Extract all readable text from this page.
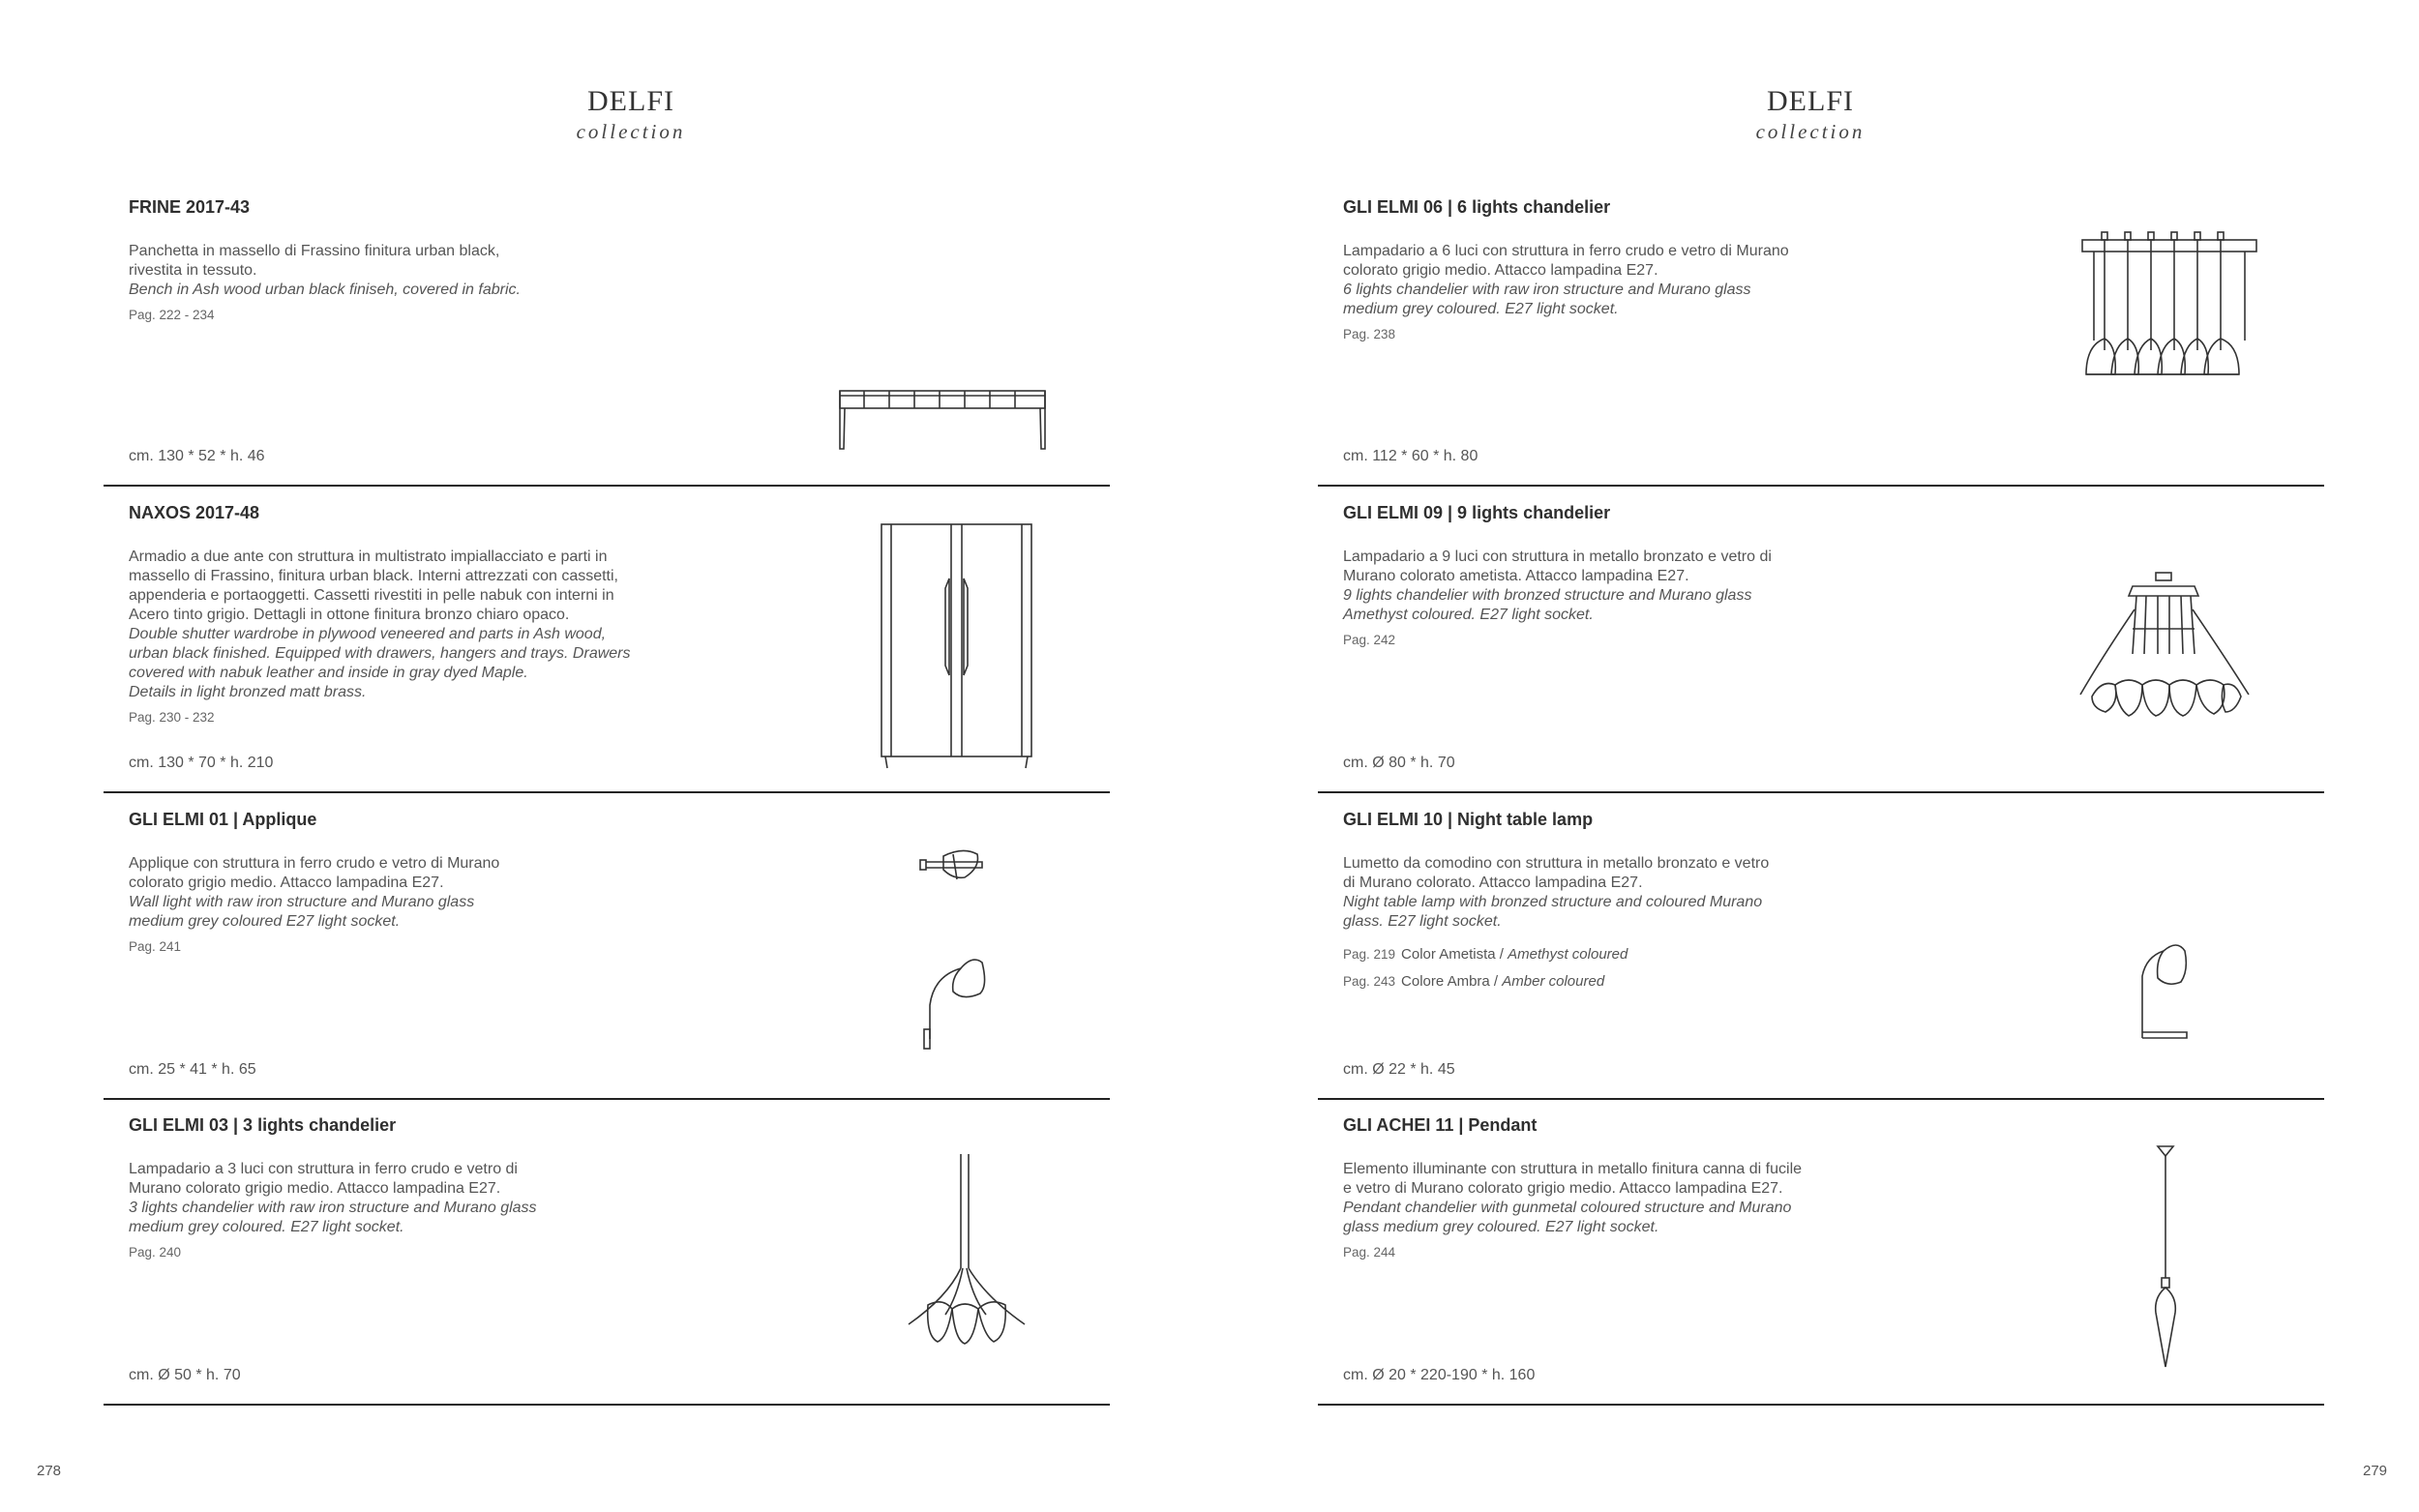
DELFI
collection
FRINE 2017-43

Panchetta in massello di Frassino finitura urban black,
rivestita in tessuto.

Bench in Ash wood urban black finiseh, covered in fabric.

Pag. 222 - 234
cm. 130 * 52 * h. 46
NAXOS 2017-48

Armadio a due ante con struttura in multistrato impiallacciato e parti in
massello di Frassino, finitura urban black. Interni attrezzati con cassetti,
appenderia e portaoggetti. Cassetti rivestiti in pelle nabuk con interni in
Acero tinto grigio. Dettagli in ottone finitura bronzo chiaro opaco.

Double shutter wardrobe in plywood veneered and parts in Ash wood,
urban black finished. Equipped with drawers, hangers and trays. Drawers
covered with nabuk leather and inside in gray dyed Maple.
Details in light bronzed matt brass.

Pag. 230 - 232
cm. 130 * 70 * h. 210
GLI ELMI 01 | Applique

Applique con struttura in ferro crudo e vetro di Murano
colorato grigio medio. Attacco lampadina E27.

Wall light with raw iron structure and Murano glass
medium grey coloured E27 light socket.

Pag. 241
cm. 25 * 41 * h. 65
GLI ELMI 03 | 3 lights chandelier

Lampadario a 3 luci con struttura in ferro crudo e vetro di
Murano colorato grigio medio. Attacco lampadina E27.

3 lights chandelier with raw iron structure and Murano glass
medium grey coloured. E27 light socket.

Pag. 240
cm. Ø 50 * h. 70
278
DELFI
collection
GLI ELMI 06 | 6 lights chandelier

Lampadario a 6 luci con struttura in ferro crudo e vetro di Murano
colorato grigio medio. Attacco lampadina E27.

6 lights chandelier with raw iron structure and Murano glass
medium grey coloured. E27 light socket.

Pag. 238
cm. 112 * 60 * h. 80
GLI ELMI 09 | 9 lights chandelier

Lampadario a 9 luci con struttura in metallo bronzato e vetro di
Murano colorato ametista. Attacco lampadina E27.

9 lights chandelier with bronzed structure and Murano glass
Amethyst coloured. E27 light socket.

Pag. 242
cm. Ø 80 * h. 70
GLI ELMI 10 | Night table lamp

Lumetto da comodino con struttura in metallo bronzato e vetro
di Murano colorato. Attacco lampadina E27.

Night table lamp with bronzed structure and coloured Murano
glass. E27 light socket.

Pag. 219 Color Ametista / Amethyst coloured
Pag. 243 Colore Ambra / Amber coloured
cm. Ø 22 * h. 45
GLI ACHEI 11 | Pendant

Elemento illuminante con struttura in metallo finitura canna di fucile
e vetro di Murano colorato grigio medio. Attacco lampadina E27.

Pendant chandelier with gunmetal coloured structure and Murano
glass medium grey coloured. E27 light socket.

Pag. 244
cm. Ø 20 * 220-190 * h. 160
279
